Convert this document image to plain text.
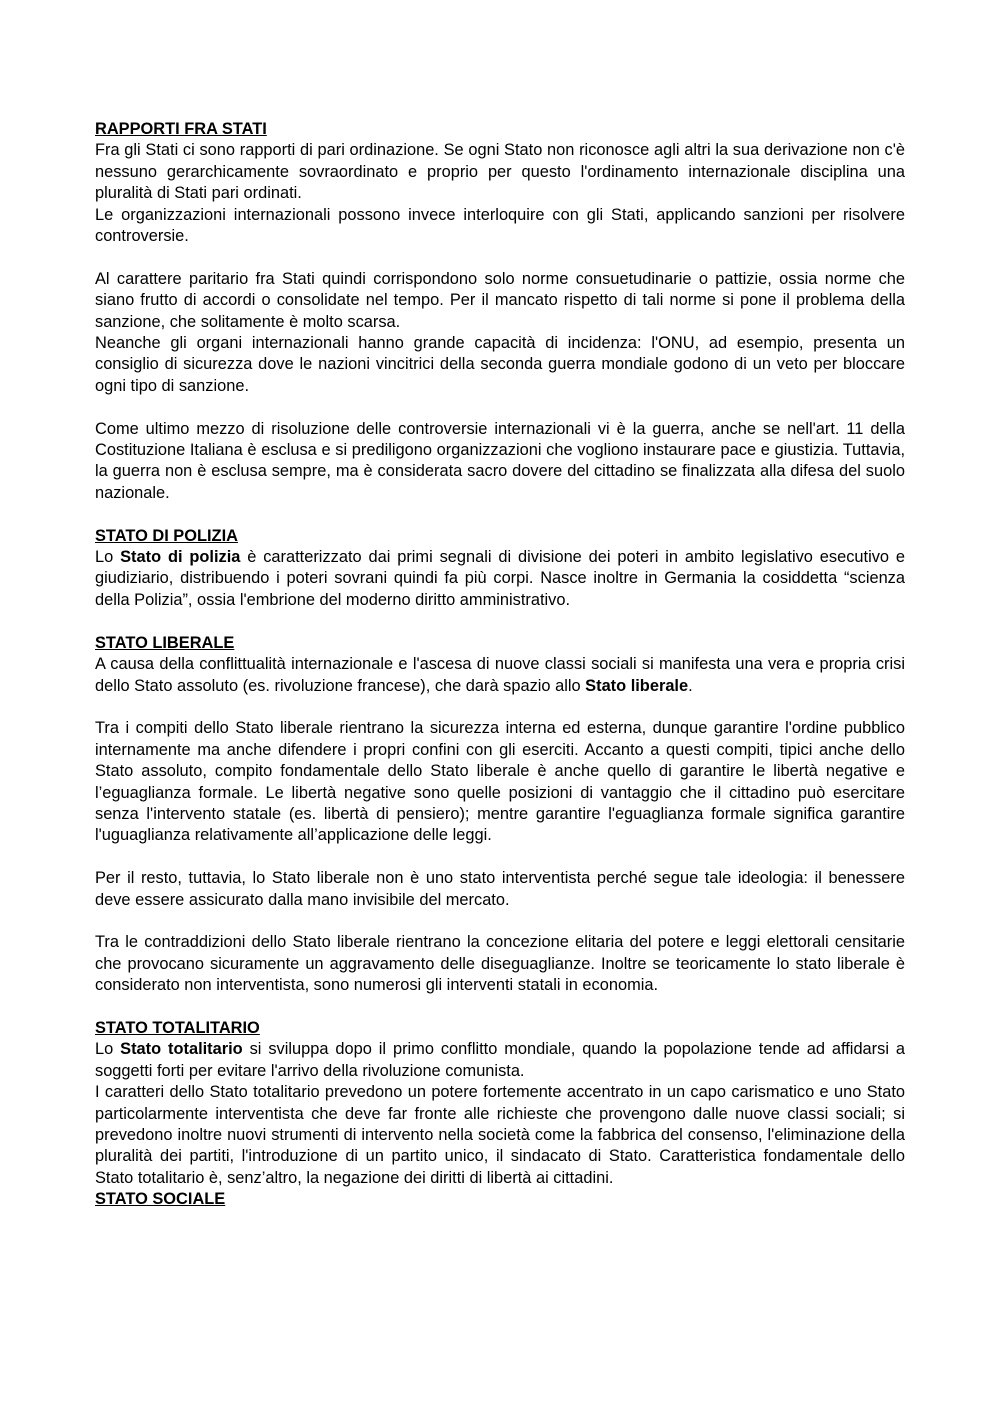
RAPPORTI FRA STATI

Fra gli Stati ci sono rapporti di pari ordinazione. Se ogni Stato non riconosce agli altri la sua derivazione non c'è nessuno gerarchicamente sovraordinato e proprio per questo l'ordinamento internazionale disciplina una pluralità di Stati pari ordinati.

Le organizzazioni internazionali possono invece interloquire con gli Stati, applicando sanzioni per risolvere controversie.

Al carattere paritario fra Stati quindi corrispondono solo norme consuetudinarie o pattizie, ossia norme che siano frutto di accordi o consolidate nel tempo. Per il mancato rispetto di tali norme si pone il problema della sanzione, che solitamente è molto scarsa.

Neanche gli organi internazionali hanno grande capacità di incidenza: l'ONU, ad esempio, presenta un consiglio di sicurezza dove le nazioni vincitrici della seconda guerra mondiale godono di un veto per bloccare ogni tipo di sanzione.

Come ultimo mezzo di risoluzione delle controversie internazionali vi è la guerra, anche se nell'art. 11 della Costituzione Italiana è esclusa e si prediligono organizzazioni che vogliono instaurare pace e giustizia. Tuttavia, la guerra non è esclusa sempre, ma è considerata sacro dovere del cittadino se finalizzata alla difesa del suolo nazionale.

STATO DI POLIZIA

Lo Stato di polizia è caratterizzato dai primi segnali di divisione dei poteri in ambito legislativo esecutivo e giudiziario, distribuendo i poteri sovrani quindi fa più corpi. Nasce inoltre in Germania la cosiddetta “scienza della Polizia”, ossia l'embrione del moderno diritto amministrativo.

STATO LIBERALE

A causa della conflittualità internazionale e l'ascesa di nuove classi sociali si manifesta una vera e propria crisi dello Stato assoluto (es. rivoluzione francese), che darà spazio allo Stato liberale.

Tra i compiti dello Stato liberale rientrano la sicurezza interna ed esterna, dunque garantire l'ordine pubblico internamente ma anche difendere i propri confini con gli eserciti. Accanto a questi compiti, tipici anche dello Stato assoluto, compito fondamentale dello Stato liberale è anche quello di garantire le libertà negative e l’eguaglianza formale. Le libertà negative sono quelle posizioni di vantaggio che il cittadino può esercitare senza l'intervento statale (es. libertà di pensiero); mentre garantire l'eguaglianza formale significa garantire l'uguaglianza relativamente all’applicazione delle leggi.

Per il resto, tuttavia, lo Stato liberale non è uno stato interventista perché segue tale ideologia: il benessere deve essere assicurato dalla mano invisibile del mercato.

Tra le contraddizioni dello Stato liberale rientrano la concezione elitaria del potere e leggi elettorali censitarie che provocano sicuramente un aggravamento delle diseguaglianze. Inoltre se teoricamente lo stato liberale è considerato non interventista, sono numerosi gli interventi statali in economia.

STATO TOTALITARIO

Lo Stato totalitario si sviluppa dopo il primo conflitto mondiale, quando la popolazione tende ad affidarsi a soggetti forti per evitare l'arrivo della rivoluzione comunista.

I caratteri dello Stato totalitario prevedono un potere fortemente accentrato in un capo carismatico e uno Stato particolarmente interventista che deve far fronte alle richieste che provengono dalle nuove classi sociali; si prevedono inoltre nuovi strumenti di intervento nella società come la fabbrica del consenso, l'eliminazione della pluralità dei partiti, l'introduzione di un partito unico, il sindacato di Stato. Caratteristica fondamentale dello Stato totalitario è, senz’altro, la negazione dei diritti di libertà ai cittadini.

STATO SOCIALE
